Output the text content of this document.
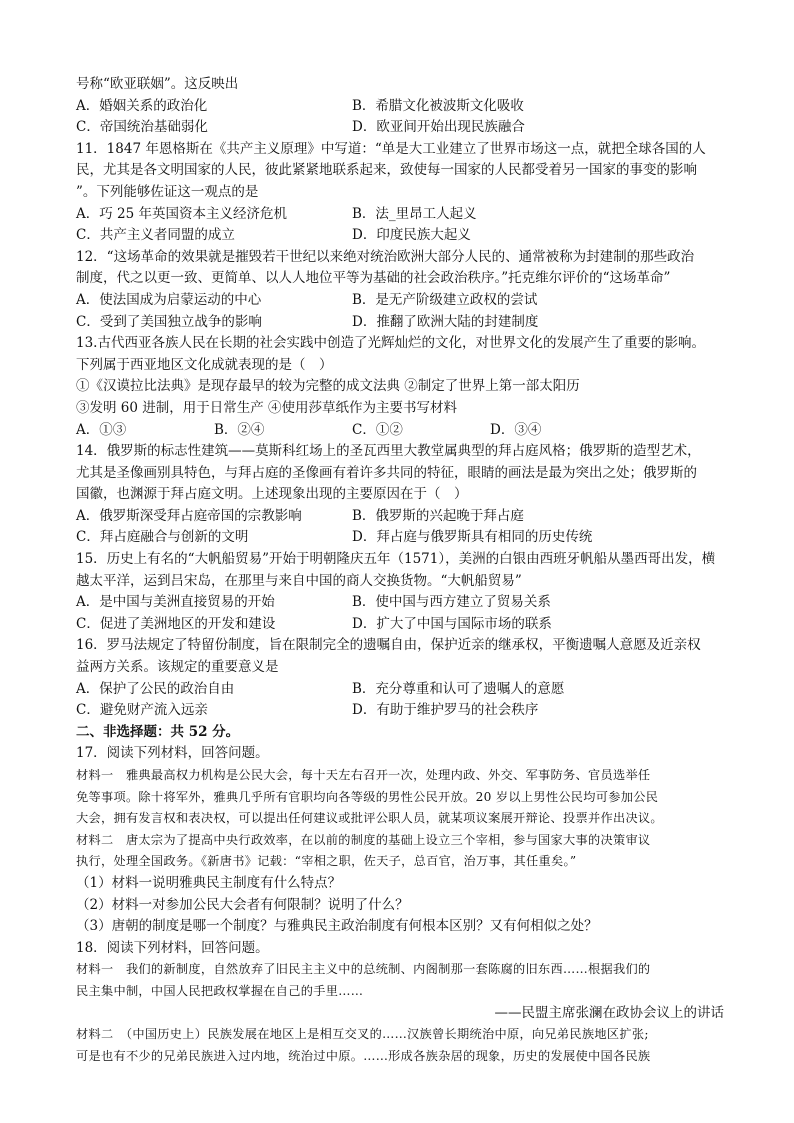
号称“欧亚联姻”。这反映出

A．婚姻关系的政治化	B．希腊文化被波斯文化吸收
C．帝国统治基础弱化	D．欧亚间开始出现民族融合

11．1847 年恩格斯在《共产主义原理》中写道：“单是大工业建立了世界市场这一点，就把全球各国的人

民，尤其是各文明国家的人民，彼此紧紧地联系起来，致使每一国家的人民都受着另一国家的事变的影响

”。下列能够佐证这一观点的是

A．巧 25 年英国资本主义经济危机	B．法_里昂工人起义
C．共产主义者同盟的成立	D．印度民族大起义

12．“这场革命的效果就是摧毁若干世纪以来绝对统治欧洲大部分人民的、通常被称为封建制的那些政治

制度，代之以更一致、更简单、以人人地位平等为基础的社会政治秩序。”托克维尔评价的“这场革命”

A．使法国成为启蒙运动的中心	B．是无产阶级建立政权的尝试
C．受到了美国独立战争的影响	D．推翻了欧洲大陆的封建制度

13.古代西亚各族人民在长期的社会实践中创造了光辉灿烂的文化，对世界文化的发展产生了重要的影响。

下列属于西亚地区文化成就表现的是（　）

①《汉谟拉比法典》是现存最早的较为完整的成文法典 ②制定了世界上第一部太阳历

③发明 60 进制，用于日常生产 ④使用莎草纸作为主要书写材料

A．①③	B．②④	C．①②	D．③④

14．俄罗斯的标志性建筑——莫斯科红场上的圣瓦西里大教堂属典型的拜占庭风格；俄罗斯的造型艺术，

尤其是圣像画别具特色，与拜占庭的圣像画有着许多共同的特征，眼睛的画法是最为突出之处；俄罗斯的

国徽，也渊源于拜占庭文明。上述现象出现的主要原因在于（　）

A．俄罗斯深受拜占庭帝国的宗教影响	B．俄罗斯的兴起晚于拜占庭
C．拜占庭融合与创新的文明	D．拜占庭与俄罗斯具有相同的历史传统

15．历史上有名的“大帆船贸易”开始于明朝隆庆五年（1571），美洲的白银由西班牙帆船从墨西哥出发，横

越太平洋，运到吕宋岛，在那里与来自中国的商人交换货物。“大帆船贸易”

A．是中国与美洲直接贸易的开始	B．使中国与西方建立了贸易关系
C．促进了美洲地区的开发和建设	D．扩大了中国与国际市场的联系

16．罗马法规定了特留份制度，旨在限制完全的遗嘱自由，保护近亲的继承权，平衡遗嘱人意愿及近亲权

益两方关系。该规定的重要意义是

A．保护了公民的政治自由	B．充分尊重和认可了遗嘱人的意愿
C．避免财产流入远亲	D．有助于维护罗马的社会秩序

二、非选择题：共 52 分。

17．阅读下列材料，回答问题。

材料一　雅典最高权力机构是公民大会，每十天左右召开一次，处理内政、外交、军事防务、官员选举任

免等事项。除十将军外，雅典几乎所有官职均向各等级的男性公民开放。20 岁以上男性公民均可参加公民

大会，拥有发言权和表决权，可以提出任何建议或批评公职人员，就某项议案展开辩论、投票并作出决议。

材料二　唐太宗为了提高中央行政效率，在以前的制度的基础上设立三个宰相，参与国家大事的决策审议

执行，处理全国政务。《新唐书》记载：“宰相之职，佐天子，总百官，治万事，其任重矣。”

（1）材料一说明雅典民主制度有什么特点？

（2）材料一对参加公民大会者有何限制？说明了什么？

（3）唐朝的制度是哪一个制度？与雅典民主政治制度有何根本区别？又有何相似之处？

18．阅读下列材料，回答问题。

材料一　我们的新制度，自然放弃了旧民主主义中的总统制、内阁制那一套陈腐的旧东西……根据我们的

民主集中制，中国人民把政权掌握在自己的手里……

——民盟主席张澜在政协会议上的讲话

材料二　（中国历史上）民族发展在地区上是相互交叉的……汉族曾长期统治中原，向兄弟民族地区扩张;

可是也有不少的兄弟民族进入过内地，统治过中原。……形成各族杂居的现象，历史的发展使中国各民族
